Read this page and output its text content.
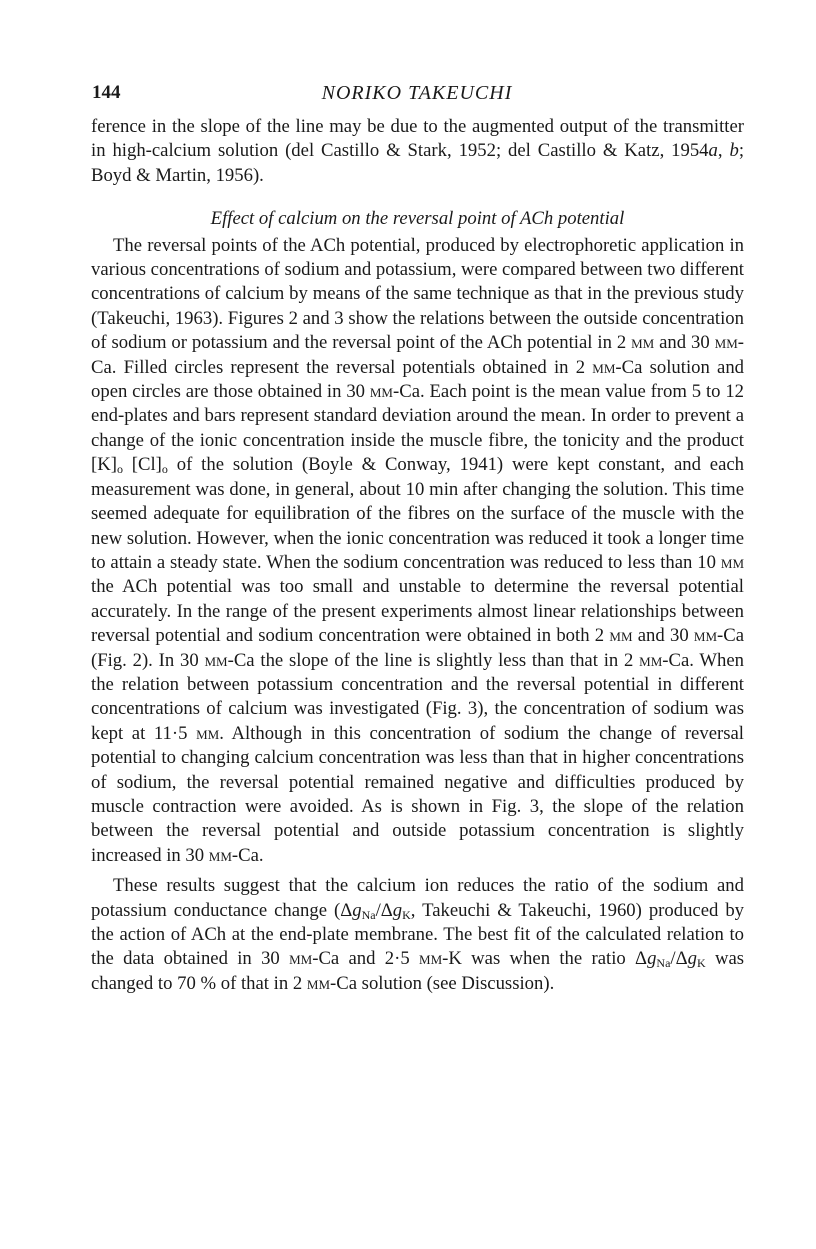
144	NORIKO TAKEUCHI

ference in the slope of the line may be due to the augmented output of the transmitter in high-calcium solution (del Castillo & Stark, 1952; del Castillo & Katz, 1954a, b; Boyd & Martin, 1956).

Effect of calcium on the reversal point of ACh potential

The reversal points of the ACh potential, produced by electrophoretic application in various concentrations of sodium and potassium, were compared between two different concentrations of calcium by means of the same technique as that in the previous study (Takeuchi, 1963). Figures 2 and 3 show the relations between the outside concentration of sodium or potassium and the reversal point of the ACh potential in 2 mm and 30 mm-Ca. Filled circles represent the reversal potentials obtained in 2 mm-Ca solution and open circles are those obtained in 30 mm-Ca. Each point is the mean value from 5 to 12 end-plates and bars represent standard deviation around the mean. In order to prevent a change of the ionic concentration inside the muscle fibre, the tonicity and the product $[K]_o$ $[Cl]_o$ of the solution (Boyle & Conway, 1941) were kept constant, and each measurement was done, in general, about 10 min after changing the solution. This time seemed adequate for equilibration of the fibres on the surface of the muscle with the new solution. However, when the ionic concentration was reduced it took a longer time to attain a steady state. When the sodium concentration was reduced to less than 10 mm the ACh potential was too small and unstable to determine the reversal potential accurately. In the range of the present experiments almost linear relationships between reversal potential and sodium concentration were obtained in both 2 mm and 30 mm-Ca (Fig. 2). In 30 mm-Ca the slope of the line is slightly less than that in 2 mm-Ca. When the relation between potassium concentration and the reversal potential in different concentrations of calcium was investigated (Fig. 3), the concentration of sodium was kept at 11·5 mm. Although in this concentration of sodium the change of reversal potential to changing calcium concentration was less than that in higher concentrations of sodium, the reversal potential remained negative and difficulties produced by muscle contraction were avoided. As is shown in Fig. 3, the slope of the relation between the reversal potential and outside potassium concentration is slightly increased in 30 mm-Ca.

These results suggest that the calcium ion reduces the ratio of the sodium and potassium conductance change ($\Delta g_{Na}/\Delta g_K$, Takeuchi & Takeuchi, 1960) produced by the action of ACh at the end-plate membrane. The best fit of the calculated relation to the data obtained in 30 mm-Ca and 2·5 mm-K was when the ratio $\Delta g_{Na}/\Delta g_K$ was changed to 70 % of that in 2 mm-Ca solution (see Discussion).
